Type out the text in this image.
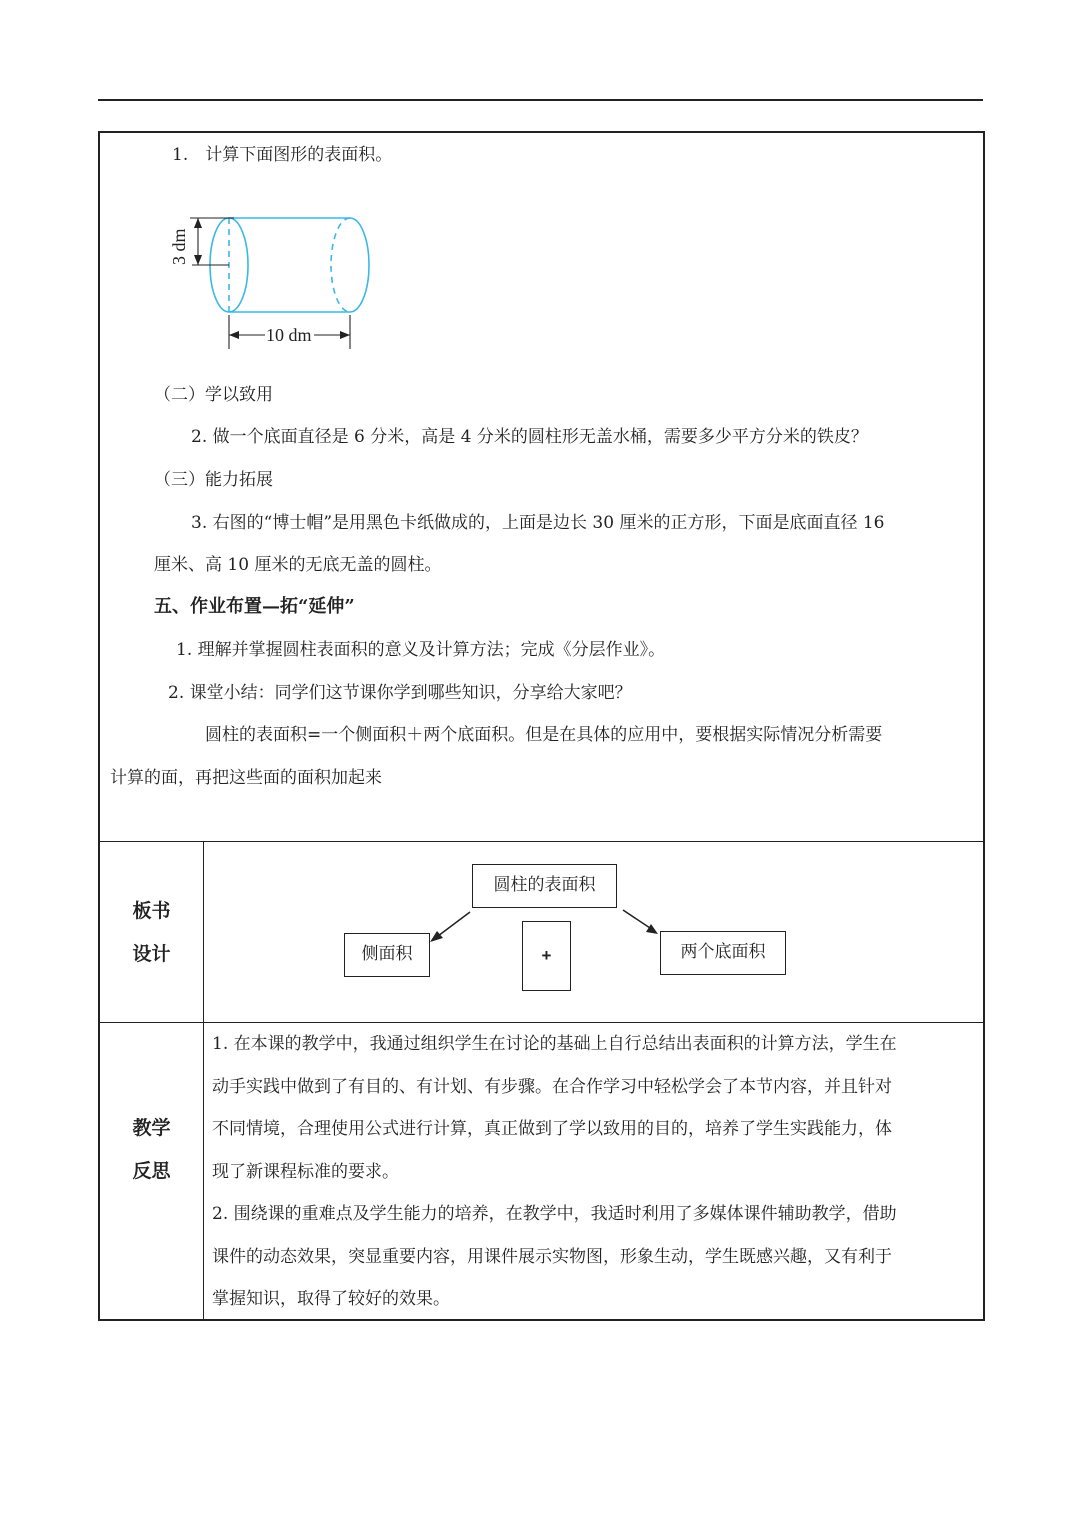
1.　计算下面图形的表面积。
3 dm
10 dm
（二）学以致用
2. 做一个底面直径是 6 分米，高是 4 分米的圆柱形无盖水桶，需要多少平方分米的铁皮？
（三）能力拓展
3. 右图的“博士帽”是用黑色卡纸做成的，上面是边长 30 厘米的正方形，下面是底面直径 16
厘米、高 10 厘米的无底无盖的圆柱。
五、作业布置—拓“延伸”
1. 理解并掌握圆柱表面积的意义及计算方法；完成《分层作业》。
2. 课堂小结：同学们这节课你学到哪些知识，分享给大家吧？
圆柱的表面积=一个侧面积＋两个底面积。但是在具体的应用中，要根据实际情况分析需要
计算的面，再把这些面的面积加起来
板书
设计
圆柱的表面积
侧面积	+	两个底面积
教学
反思
1. 在本课的教学中，我通过组织学生在讨论的基础上自行总结出表面积的计算方法，学生在
动手实践中做到了有目的、有计划、有步骤。在合作学习中轻松学会了本节内容，并且针对
不同情境，合理使用公式进行计算，真正做到了学以致用的目的，培养了学生实践能力，体
现了新课程标准的要求。
2. 围绕课的重难点及学生能力的培养，在教学中，我适时利用了多媒体课件辅助教学，借助
课件的动态效果，突显重要内容，用课件展示实物图，形象生动，学生既感兴趣，又有利于
掌握知识，取得了较好的效果。
